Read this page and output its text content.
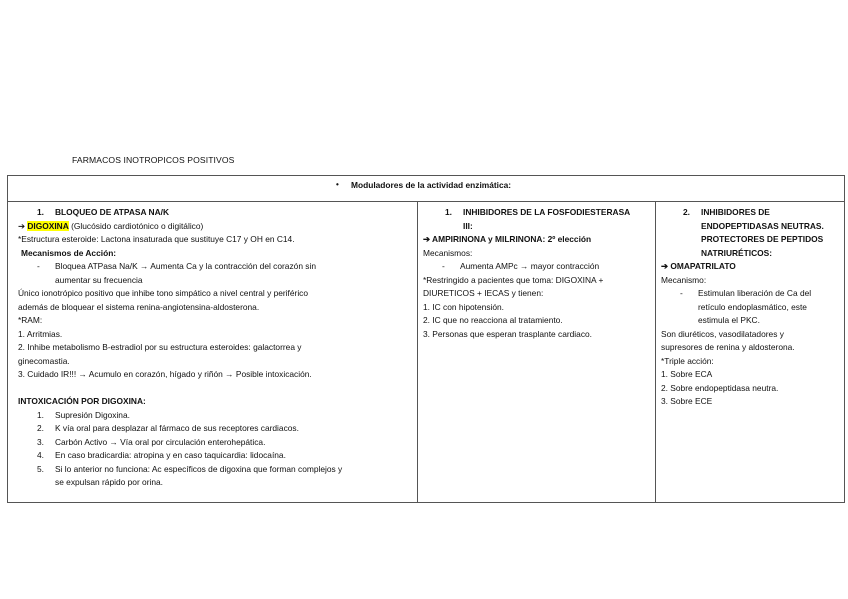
FARMACOS INOTROPICOS POSITIVOS
• Moduladores de la actividad enzimática:
1. BLOQUEO DE ATPASA NA/K
➔ DIGOXINA (Glucósido cardiotónico o digitálico)
*Estructura esteroide: Lactona insaturada que sustituye C17 y OH en C14.
Mecanismos de Acción:
- Bloquea ATPasa Na/K → Aumenta Ca y la contracción del corazón sin
aumentar su frecuencia
Único ionotrópico positivo que inhibe tono simpático a nivel central y periférico
además de bloquear el sistema renina-angiotensina-aldosterona.
*RAM:
1. Arritmias.
2. Inhibe metabolismo B-estradiol por su estructura esteroides: galactorrea y
ginecomastia.
3. Cuidado IR!!! → Acumulo en corazón, hígado y riñón → Posible intoxicación.
INTOXICACIÓN POR DIGOXINA:
1. Supresión Digoxina.
2. K vía oral para desplazar al fármaco de sus receptores cardiacos.
3. Carbón Activo → Vía oral por circulación enterohepática.
4. En caso bradicardia: atropina y en caso taquicardia: lidocaína.
5. Si lo anterior no funciona: Ac específicos de digoxina que forman complejos y
se expulsan rápido por orina.
1. INHIBIDORES DE LA FOSFODIESTERASA
III:
➔ AMPIRINONA y MILRINONA: 2º elección
Mecanismos:
- Aumenta AMPc → mayor contracción
*Restringido a pacientes que toma: DIGOXINA +
DIURETICOS + IECAS y tienen:
1. IC con hipotensión.
2. IC que no reacciona al tratamiento.
3. Personas que esperan trasplante cardiaco.
2. INHIBIDORES DE
ENDOPEPTIDASAS NEUTRAS.
PROTECTORES DE PEPTIDOS
NATRIURÉTICOS:
➔ OMAPATRILATO
Mecanismo:
- Estimulan liberación de Ca del
retículo endoplasmático, este
estimula el PKC.
Son diuréticos, vasodilatadores y
supresores de renina y aldosterona.
*Triple acción:
1. Sobre ECA
2. Sobre endopeptidasa neutra.
3. Sobre ECE
